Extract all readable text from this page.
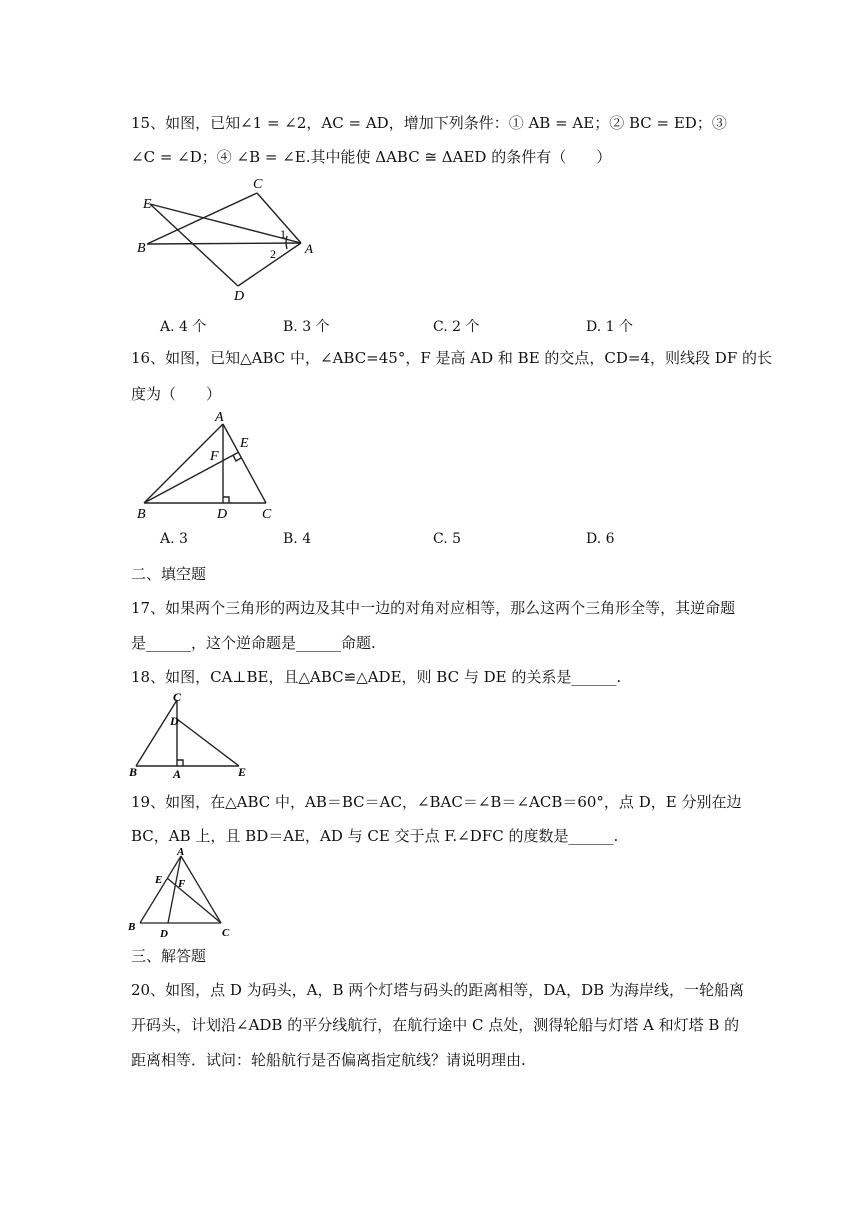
15、如图，已知∠1 = ∠2，AC = AD，增加下列条件：① AB = AE；② BC = ED；③
∠C = ∠D；④ ∠B = ∠E.其中能使 ΔABC ≅ ΔAED 的条件有（　　）
C
E
B	A
D
1
2
A. 4 个	B. 3 个	C. 2 个	D. 1 个
16、如图，已知△ABC 中，∠ABC=45°，F 是高 AD 和 BE 的交点，CD=4，则线段 DF 的长
度为（　　）
A
E
F
B	D C
A. 3	B. 4	C. 5	D. 6
二、填空题
17、如果两个三角形的两边及其中一边的对角对应相等，那么这两个三角形全等，其逆命题
是______，这个逆命题是______命题.
18、如图，CA⊥BE，且△ABC≌△ADE，则 BC 与 DE 的关系是______.
C
D
B	A	E
19、如图，在△ABC 中，AB＝BC＝AC，∠BAC＝∠B＝∠ACB＝60°，点 D，E 分别在边
BC，AB 上，且 BD＝AE，AD 与 CE 交于点 F.∠DFC 的度数是______.
A
E F
B
D	C
三、解答题
20、如图，点 D 为码头，A，B 两个灯塔与码头的距离相等，DA，DB 为海岸线，一轮船离
开码头，计划沿∠ADB 的平分线航行，在航行途中 C 点处，测得轮船与灯塔 A 和灯塔 B 的
距离相等．试问：轮船航行是否偏离指定航线？请说明理由.
